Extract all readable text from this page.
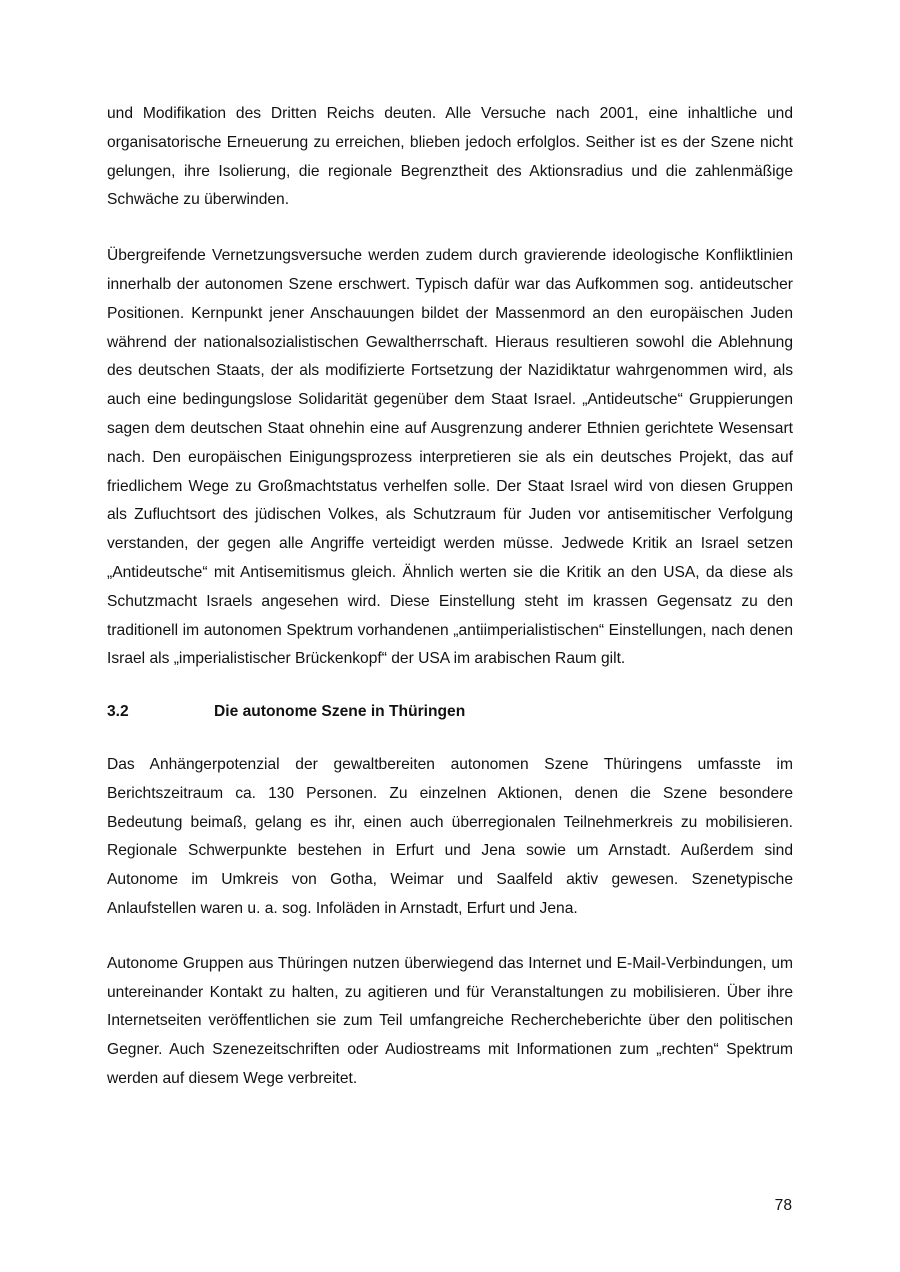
und Modifikation des Dritten Reichs deuten. Alle Versuche nach 2001, eine inhaltliche und organisatorische Erneuerung zu erreichen, blieben jedoch erfolglos. Seither ist es der Szene nicht gelungen, ihre Isolierung, die regionale Begrenztheit des Aktionsradius und die zahlenmäßige Schwäche zu überwinden.

Übergreifende Vernetzungsversuche werden zudem durch gravierende ideologische Konfliktlinien innerhalb der autonomen Szene erschwert. Typisch dafür war das Aufkommen sog. antideutscher Positionen. Kernpunkt jener Anschauungen bildet der Massenmord an den europäischen Juden während der nationalsozialistischen Gewaltherrschaft. Hieraus resultieren sowohl die Ablehnung des deutschen Staats, der als modifizierte Fortsetzung der Nazidiktatur wahrgenommen wird, als auch eine bedingungslose Solidarität gegenüber dem Staat Israel. „Antideutsche“ Gruppierungen sagen dem deutschen Staat ohnehin eine auf Ausgrenzung anderer Ethnien gerichtete Wesensart nach. Den europäischen Einigungsprozess interpretieren sie als ein deutsches Projekt, das auf friedlichem Wege zu Großmachtstatus verhelfen solle. Der Staat Israel wird von diesen Gruppen als Zufluchtsort des jüdischen Volkes, als Schutzraum für Juden vor antisemitischer Verfolgung verstanden, der gegen alle Angriffe verteidigt werden müsse. Jedwede Kritik an Israel setzen „Antideutsche“ mit Antisemitismus gleich. Ähnlich werten sie die Kritik an den USA, da diese als Schutzmacht Israels angesehen wird. Diese Einstellung steht im krassen Gegensatz zu den traditionell im autonomen Spektrum vorhandenen „antiimperialistischen“ Einstellungen, nach denen Israel als „imperialistischer Brückenkopf“ der USA im arabischen Raum gilt.

3.2	Die autonome Szene in Thüringen

Das Anhängerpotenzial der gewaltbereiten autonomen Szene Thüringens umfasste im Berichtszeitraum ca. 130 Personen. Zu einzelnen Aktionen, denen die Szene besondere Bedeutung beimaß, gelang es ihr, einen auch überregionalen Teilnehmerkreis zu mobilisieren. Regionale Schwerpunkte bestehen in Erfurt und Jena sowie um Arnstadt. Außerdem sind Autonome im Umkreis von Gotha, Weimar und Saalfeld aktiv gewesen. Szenetypische Anlaufstellen waren u. a. sog. Infoläden in Arnstadt, Erfurt und Jena.

Autonome Gruppen aus Thüringen nutzen überwiegend das Internet und E-Mail-Verbindungen, um untereinander Kontakt zu halten, zu agitieren und für Veranstaltungen zu mobilisieren. Über ihre Internetseiten veröffentlichen sie zum Teil umfangreiche Rechercheberichte über den politischen Gegner. Auch Szenezeitschriften oder Audiostreams mit Informationen zum „rechten“ Spektrum werden auf diesem Wege verbreitet.

78
